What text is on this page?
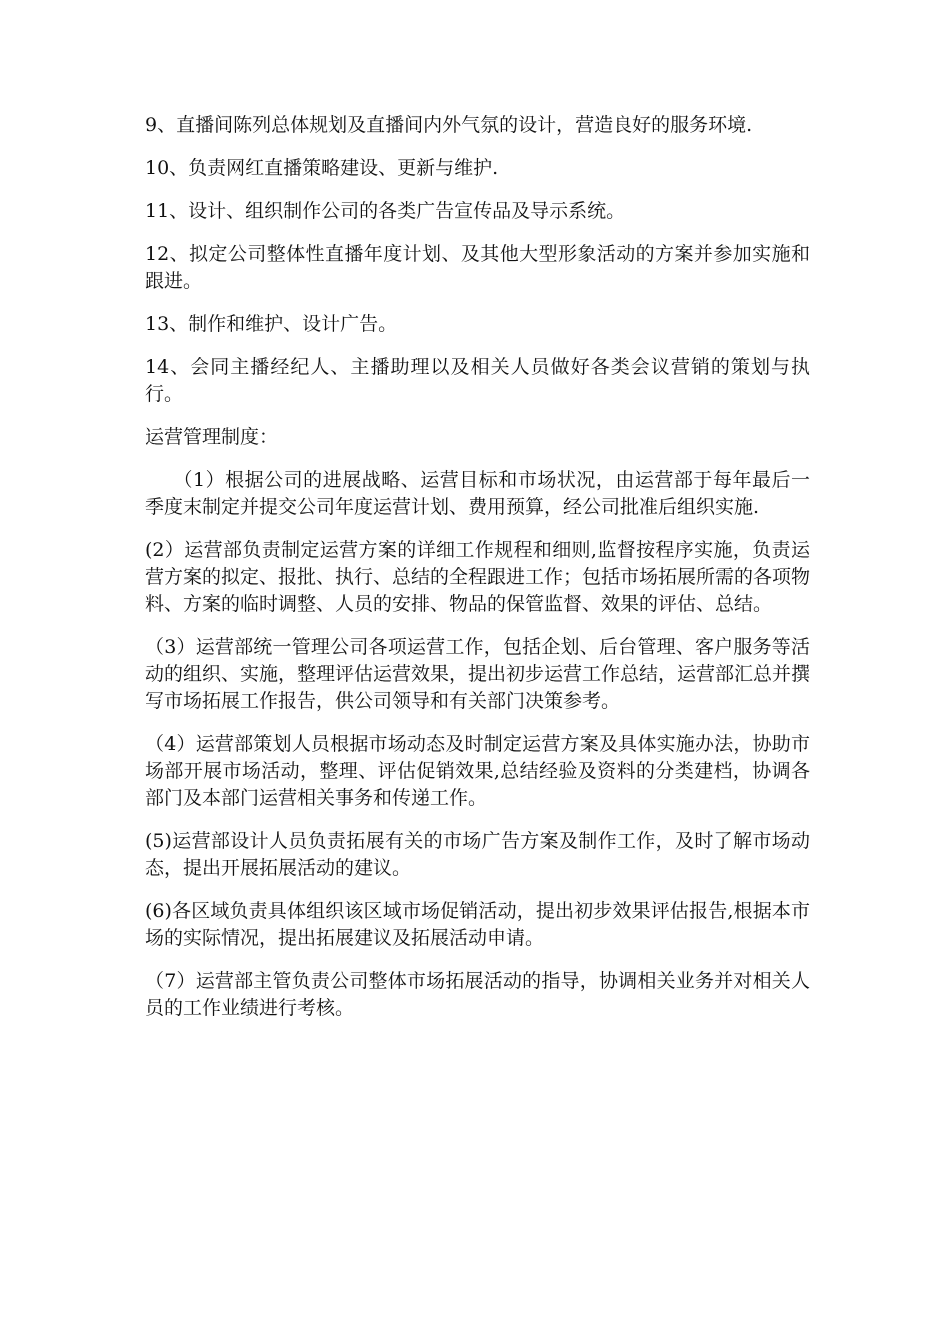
9、直播间陈列总体规划及直播间内外气氛的设计，营造良好的服务环境.

10、负责网红直播策略建设、更新与维护.

11、设计、组织制作公司的各类广告宣传品及导示系统。

12、拟定公司整体性直播年度计划、及其他大型形象活动的方案并参加实施和跟进。

13、制作和维护、设计广告。

14、会同主播经纪人、主播助理以及相关人员做好各类会议营销的策划与执行。

运营管理制度：

（1）根据公司的进展战略、运营目标和市场状况，由运营部于每年最后一季度末制定并提交公司年度运营计划、费用预算，经公司批准后组织实施.

(2）运营部负责制定运营方案的详细工作规程和细则,监督按程序实施，负责运营方案的拟定、报批、执行、总结的全程跟进工作；包括市场拓展所需的各项物料、方案的临时调整、人员的安排、物品的保管监督、效果的评估、总结。

（3）运营部统一管理公司各项运营工作，包括企划、后台管理、客户服务等活动的组织、实施，整理评估运营效果，提出初步运营工作总结，运营部汇总并撰写市场拓展工作报告，供公司领导和有关部门决策参考。

（4）运营部策划人员根据市场动态及时制定运营方案及具体实施办法，协助市场部开展市场活动，整理、评估促销效果,总结经验及资料的分类建档，协调各部门及本部门运营相关事务和传递工作。

(5)运营部设计人员负责拓展有关的市场广告方案及制作工作，及时了解市场动态，提出开展拓展活动的建议。

(6)各区域负责具体组织该区域市场促销活动，提出初步效果评估报告,根据本市场的实际情况，提出拓展建议及拓展活动申请。

（7）运营部主管负责公司整体市场拓展活动的指导，协调相关业务并对相关人员的工作业绩进行考核。
